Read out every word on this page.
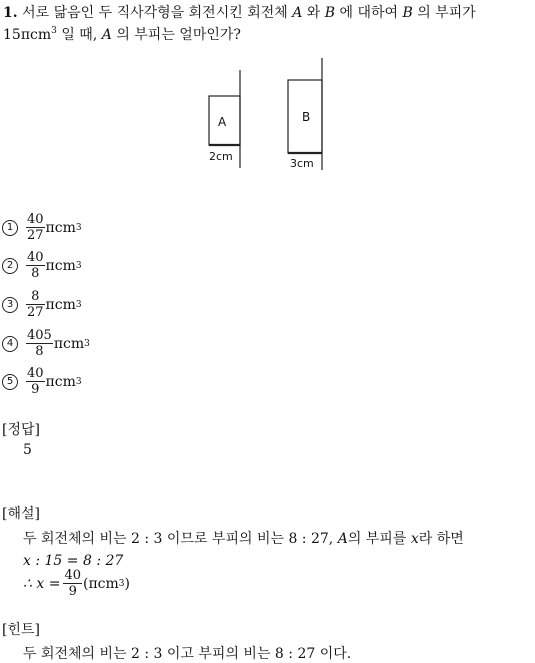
1. 서로 닮음인 두 직사각형을 회전시킨 회전체 A 와 B 에 대하여 B 의 부피가
15πcm$^3$ 일 때, A 의 부피는 얼마인가?
A
2cm
B
3cm
$1 \frac{40}{27}$ πcm 3
$2 \frac{40}{8}$ πcm 3
$3 \frac{8}{27}$ πcm 3
$4 \frac{405}{8}$ πcm 3
$5 \frac{40}{9}$ πcm 3
[정답]
5
[해설]
두 회전체의 비는 2 : 3 이므로 부피의 비는 8 : 27, A의 부피를 x라 하면
x : 15 = 8 : 27
∴ $x = \frac{40}{9} (\pi cm$ 3 )
[힌트]
두 회전체의 비는 2 : 3 이고 부피의 비는 8 : 27 이다.
